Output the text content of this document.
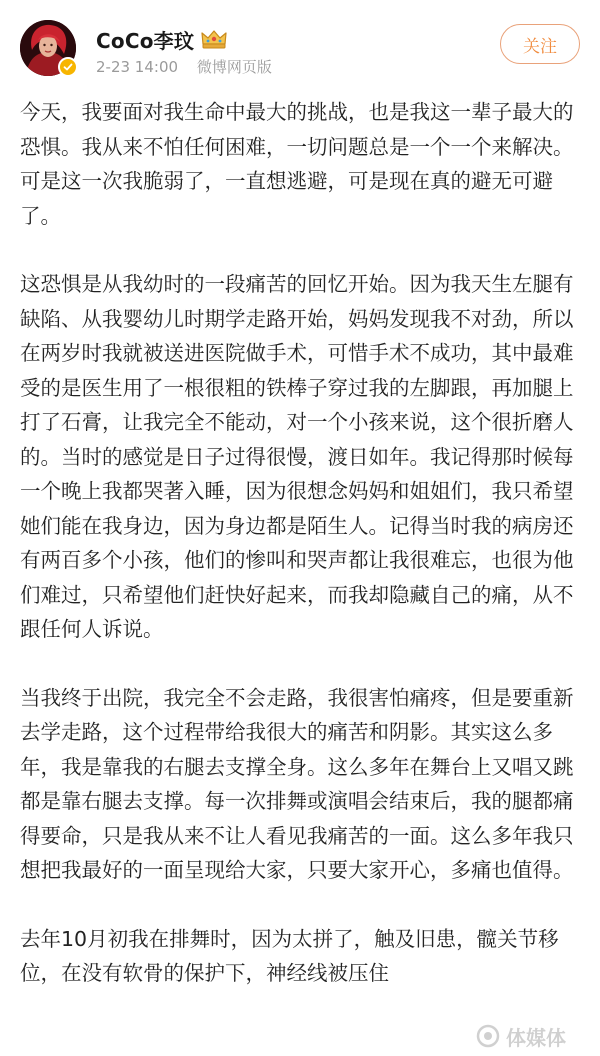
CoCo李玟
2-23 14:00 微博网页版
关注

今天，我要面对我生命中最大的挑战，也是我这一辈子最大的恐惧。我从来不怕任何困难，一切问题总是一个一个来解决。可是这一次我脆弱了，一直想逃避，可是现在真的避无可避了。

这恐惧是从我幼时的一段痛苦的回忆开始。因为我天生左腿有缺陷、从我婴幼儿时期学走路开始，妈妈发现我不对劲，所以在两岁时我就被送进医院做手术，可惜手术不成功，其中最难受的是医生用了一根很粗的铁棒子穿过我的左脚跟，再加腿上打了石膏，让我完全不能动，对一个小孩来说，这个很折磨人的。当时的感觉是日子过得很慢，渡日如年。我记得那时候每一个晚上我都哭著入睡，因为很想念妈妈和姐姐们，我只希望她们能在我身边，因为身边都是陌生人。记得当时我的病房还有两百多个小孩，他们的惨叫和哭声都让我很难忘，也很为他们难过，只希望他们赶快好起来，而我却隐藏自己的痛，从不跟任何人诉说。

当我终于出院，我完全不会走路，我很害怕痛疼，但是要重新去学走路，这个过程带给我很大的痛苦和阴影。其实这么多年，我是靠我的右腿去支撑全身。这么多年在舞台上又唱又跳都是靠右腿去支撑。每一次排舞或演唱会结束后，我的腿都痛得要命，只是我从来不让人看见我痛苦的一面。这么多年我只想把我最好的一面呈现给大家，只要大家开心，多痛也值得。

去年10月初我在排舞时，因为太拼了，触及旧患，髋关节移位，在没有软骨的保护下，神经线被压住

体媒体
